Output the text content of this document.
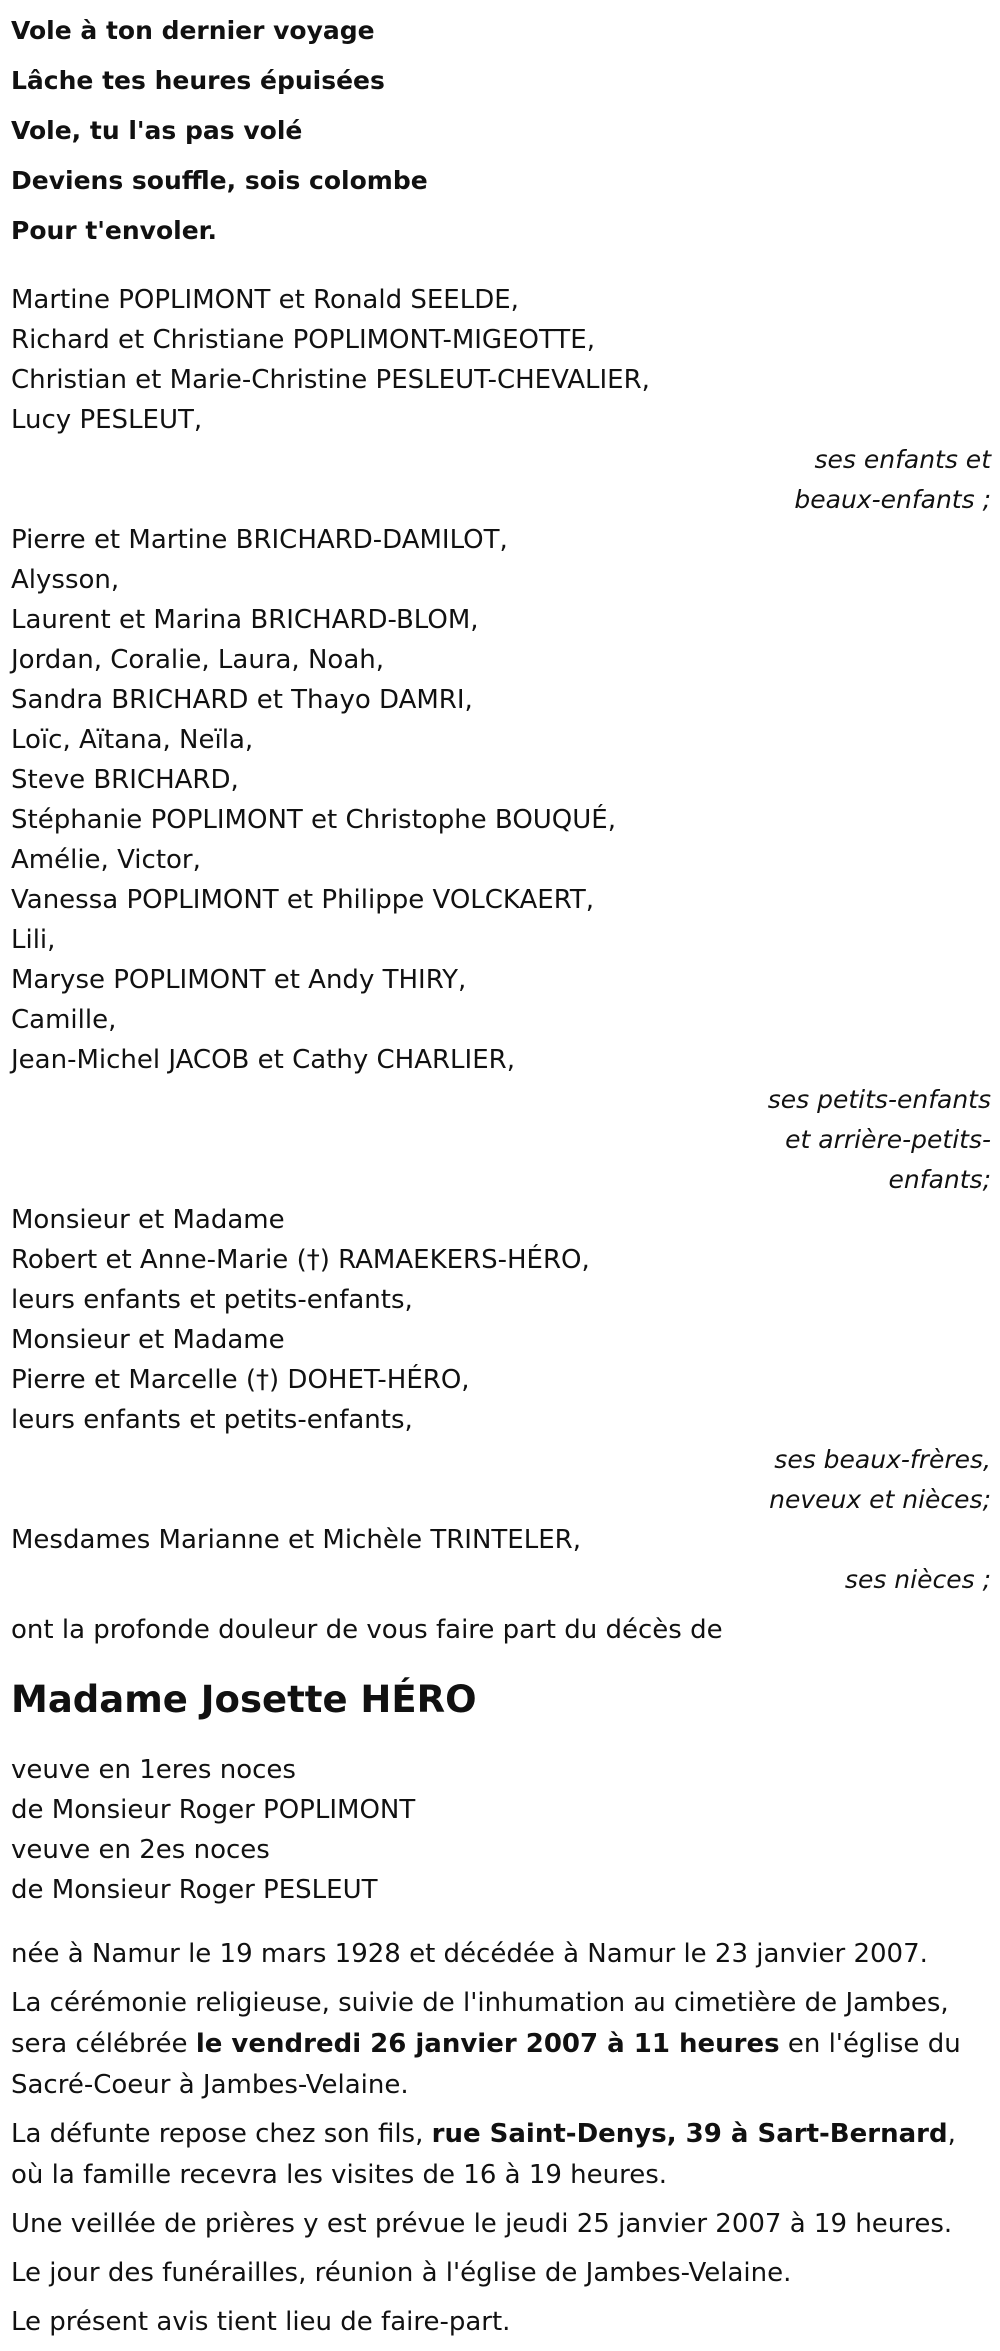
Vole à ton dernier voyage
Lâche tes heures épuisées
Vole, tu l'as pas volé
Deviens souffle, sois colombe
Pour t'envoler.
Martine POPLIMONT et Ronald SEELDE,
Richard et Christiane POPLIMONT-MIGEOTTE,
Christian et Marie-Christine PESLEUT-CHEVALIER,
Lucy PESLEUT,
ses enfants et
beaux-enfants ;
Pierre et Martine BRICHARD-DAMILOT,
Alysson,
Laurent et Marina BRICHARD-BLOM,
Jordan, Coralie, Laura, Noah,
Sandra BRICHARD et Thayo DAMRI,
Loïc, Aïtana, Neïla,
Steve BRICHARD,
Stéphanie POPLIMONT et Christophe BOUQUÉ,
Amélie, Victor,
Vanessa POPLIMONT et Philippe VOLCKAERT,
Lili,
Maryse POPLIMONT et Andy THIRY,
Camille,
Jean-Michel JACOB et Cathy CHARLIER,
ses petits-enfants
et arrière-petits-
enfants;
Monsieur et Madame
Robert et Anne-Marie (†) RAMAEKERS-HÉRO,
leurs enfants et petits-enfants,
Monsieur et Madame
Pierre et Marcelle (†) DOHET-HÉRO,
leurs enfants et petits-enfants,
ses beaux-frères,
neveux et nièces;
Mesdames Marianne et Michèle TRINTELER,
ses nièces ;
ont la profonde douleur de vous faire part du décès de
Madame Josette HÉRO
veuve en 1eres noces
de Monsieur Roger POPLIMONT
veuve en 2es noces
de Monsieur Roger PESLEUT
née à Namur le 19 mars 1928 et décédée à Namur le 23 janvier 2007.
La cérémonie religieuse, suivie de l'inhumation au cimetière de Jambes, sera célébrée le vendredi 26 janvier 2007 à 11 heures en l'église du Sacré-Coeur à Jambes-Velaine.
La défunte repose chez son fils, rue Saint-Denys, 39 à Sart-Bernard, où la famille recevra les visites de 16 à 19 heures.
Une veillée de prières y est prévue le jeudi 25 janvier 2007 à 19 heures.
Le jour des funérailles, réunion à l'église de Jambes-Velaine.
Le présent avis tient lieu de faire-part.
